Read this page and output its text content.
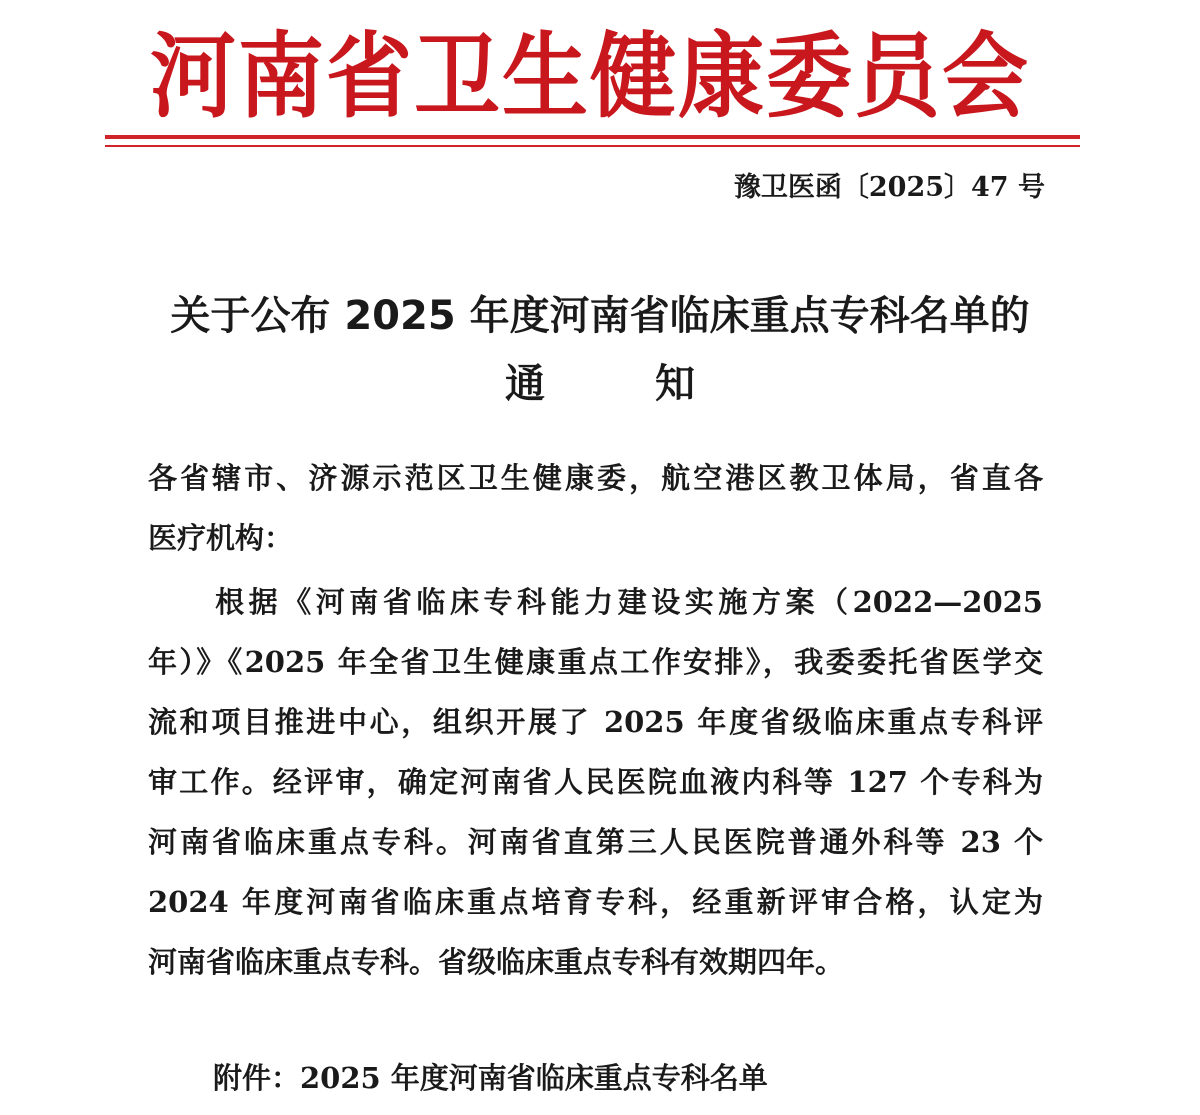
河南省卫生健康委员会
豫卫医函〔2025〕47 号
关于公布 2025 年度河南省临床重点专科名单的
通知
各省辖市、济源示范区卫生健康委，航空港区教卫体局，省直各
医疗机构：
　　根据《河南省临床专科能力建设实施方案（2022—2025
年）》《2025 年全省卫生健康重点工作安排》，我委委托省医学交
流和项目推进中心，组织开展了 2025 年度省级临床重点专科评
审工作。经评审，确定河南省人民医院血液内科等 127 个专科为
河南省临床重点专科。河南省直第三人民医院普通外科等 23 个
2024 年度河南省临床重点培育专科，经重新评审合格，认定为
河南省临床重点专科。省级临床重点专科有效期四年。
附件：2025 年度河南省临床重点专科名单
